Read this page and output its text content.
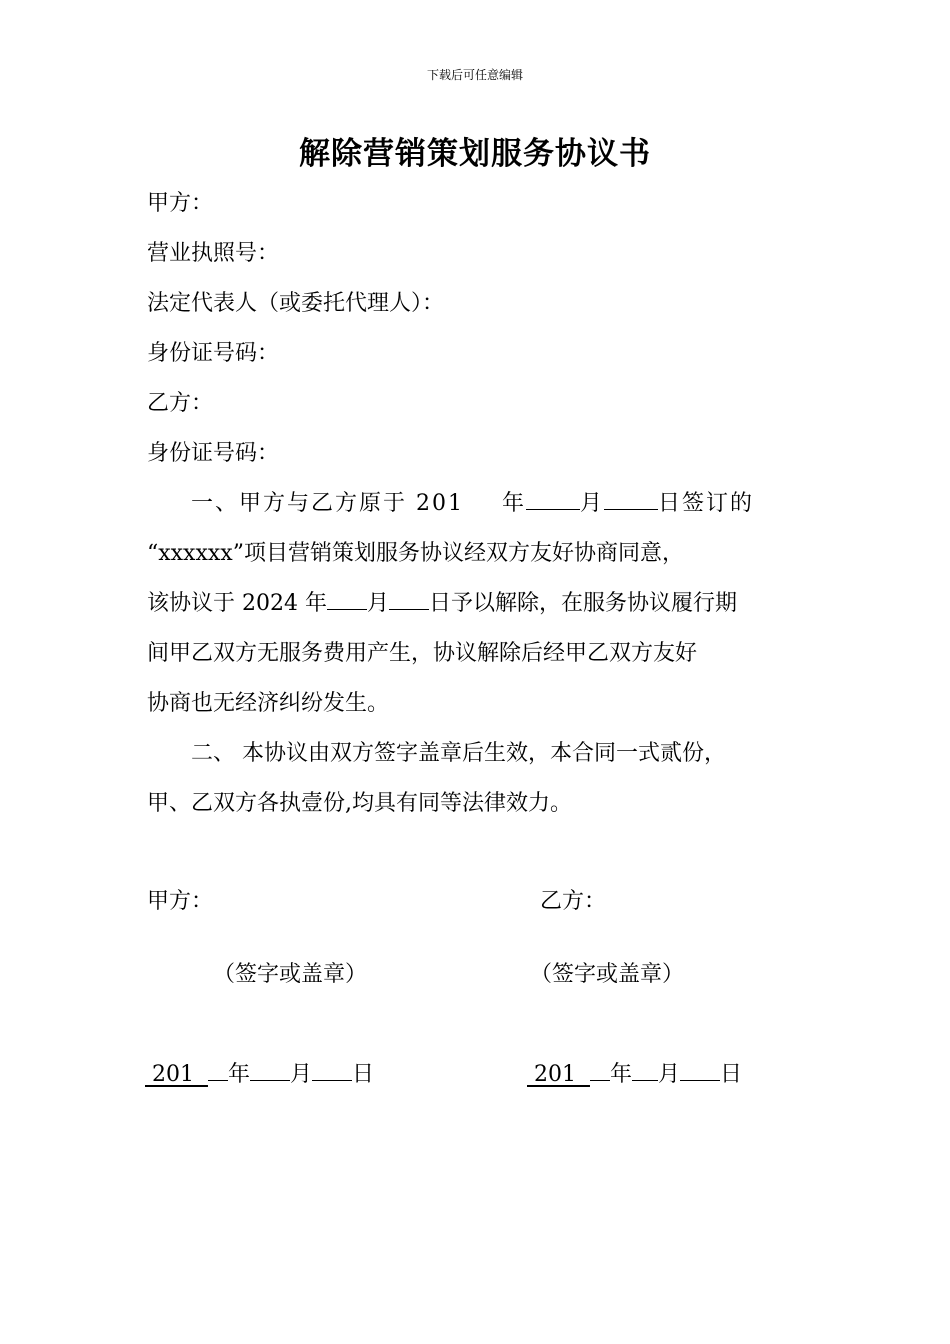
下载后可任意编辑
解除营销策划服务协议书
甲方：
营业执照号：
法定代表人（或委托代理人）：
身份证号码：
乙方：
身份证号码：
一、甲方与乙方原于 201 年 月 日签订的
“xxxxxx”项目营销策划服务协议经双方友好协商同意，
该协议于 2024 年 月 日予以解除，在服务协议履行期
间甲乙双方无服务费用产生，协议解除后经甲乙双方友好
协商也无经济纠纷发生。
二、 本协议由双方签字盖章后生效，本合同一式贰份，
甲、乙双方各执壹份,均具有同等法律效力。
甲方：	乙方：
（签字或盖章）	（签字或盖章）
201  年 月 日	201  年 月 日
